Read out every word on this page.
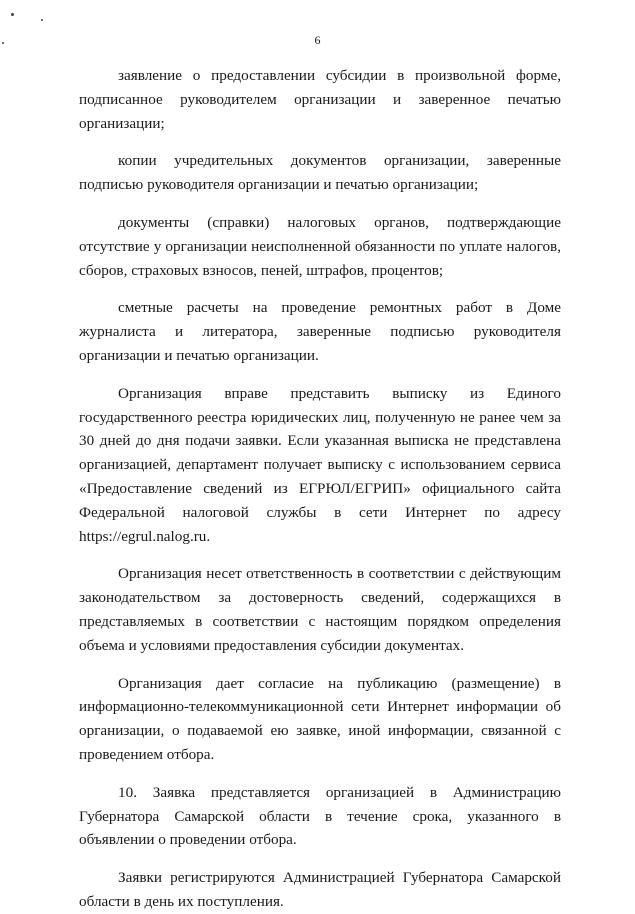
6

заявление о предоставлении субсидии в произвольной форме, подписанное руководителем организации и заверенное печатью организации;

копии учредительных документов организации, заверенные подписью руководителя организации и печатью организации;

документы (справки) налоговых органов, подтверждающие отсутствие у организации неисполненной обязанности по уплате налогов, сборов, страховых взносов, пеней, штрафов, процентов;

сметные расчеты на проведение ремонтных работ в Доме журналиста и литератора, заверенные подписью руководителя организации и печатью организации.

Организация вправе представить выписку из Единого государственного реестра юридических лиц, полученную не ранее чем за 30 дней до дня подачи заявки. Если указанная выписка не представлена организацией, департамент получает выписку с использованием сервиса «Предоставление сведений из ЕГРЮЛ/ЕГРИП» официального сайта Федеральной налоговой службы в сети Интернет по адресу https://egrul.nalog.ru.

Организация несет ответственность в соответствии с действующим законодательством за достоверность сведений, содержащихся в представляемых в соответствии с настоящим порядком определения объема и условиями предоставления субсидии документах.

Организация дает согласие на публикацию (размещение) в информационно-телекоммуникационной сети Интернет информации об организации, о подаваемой ею заявке, иной информации, связанной с проведением отбора.

10. Заявка представляется организацией в Администрацию Губернатора Самарской области в течение срока, указанного в объявлении о проведении отбора.

Заявки регистрируются Администрацией Губернатора Самарской области в день их поступления.
